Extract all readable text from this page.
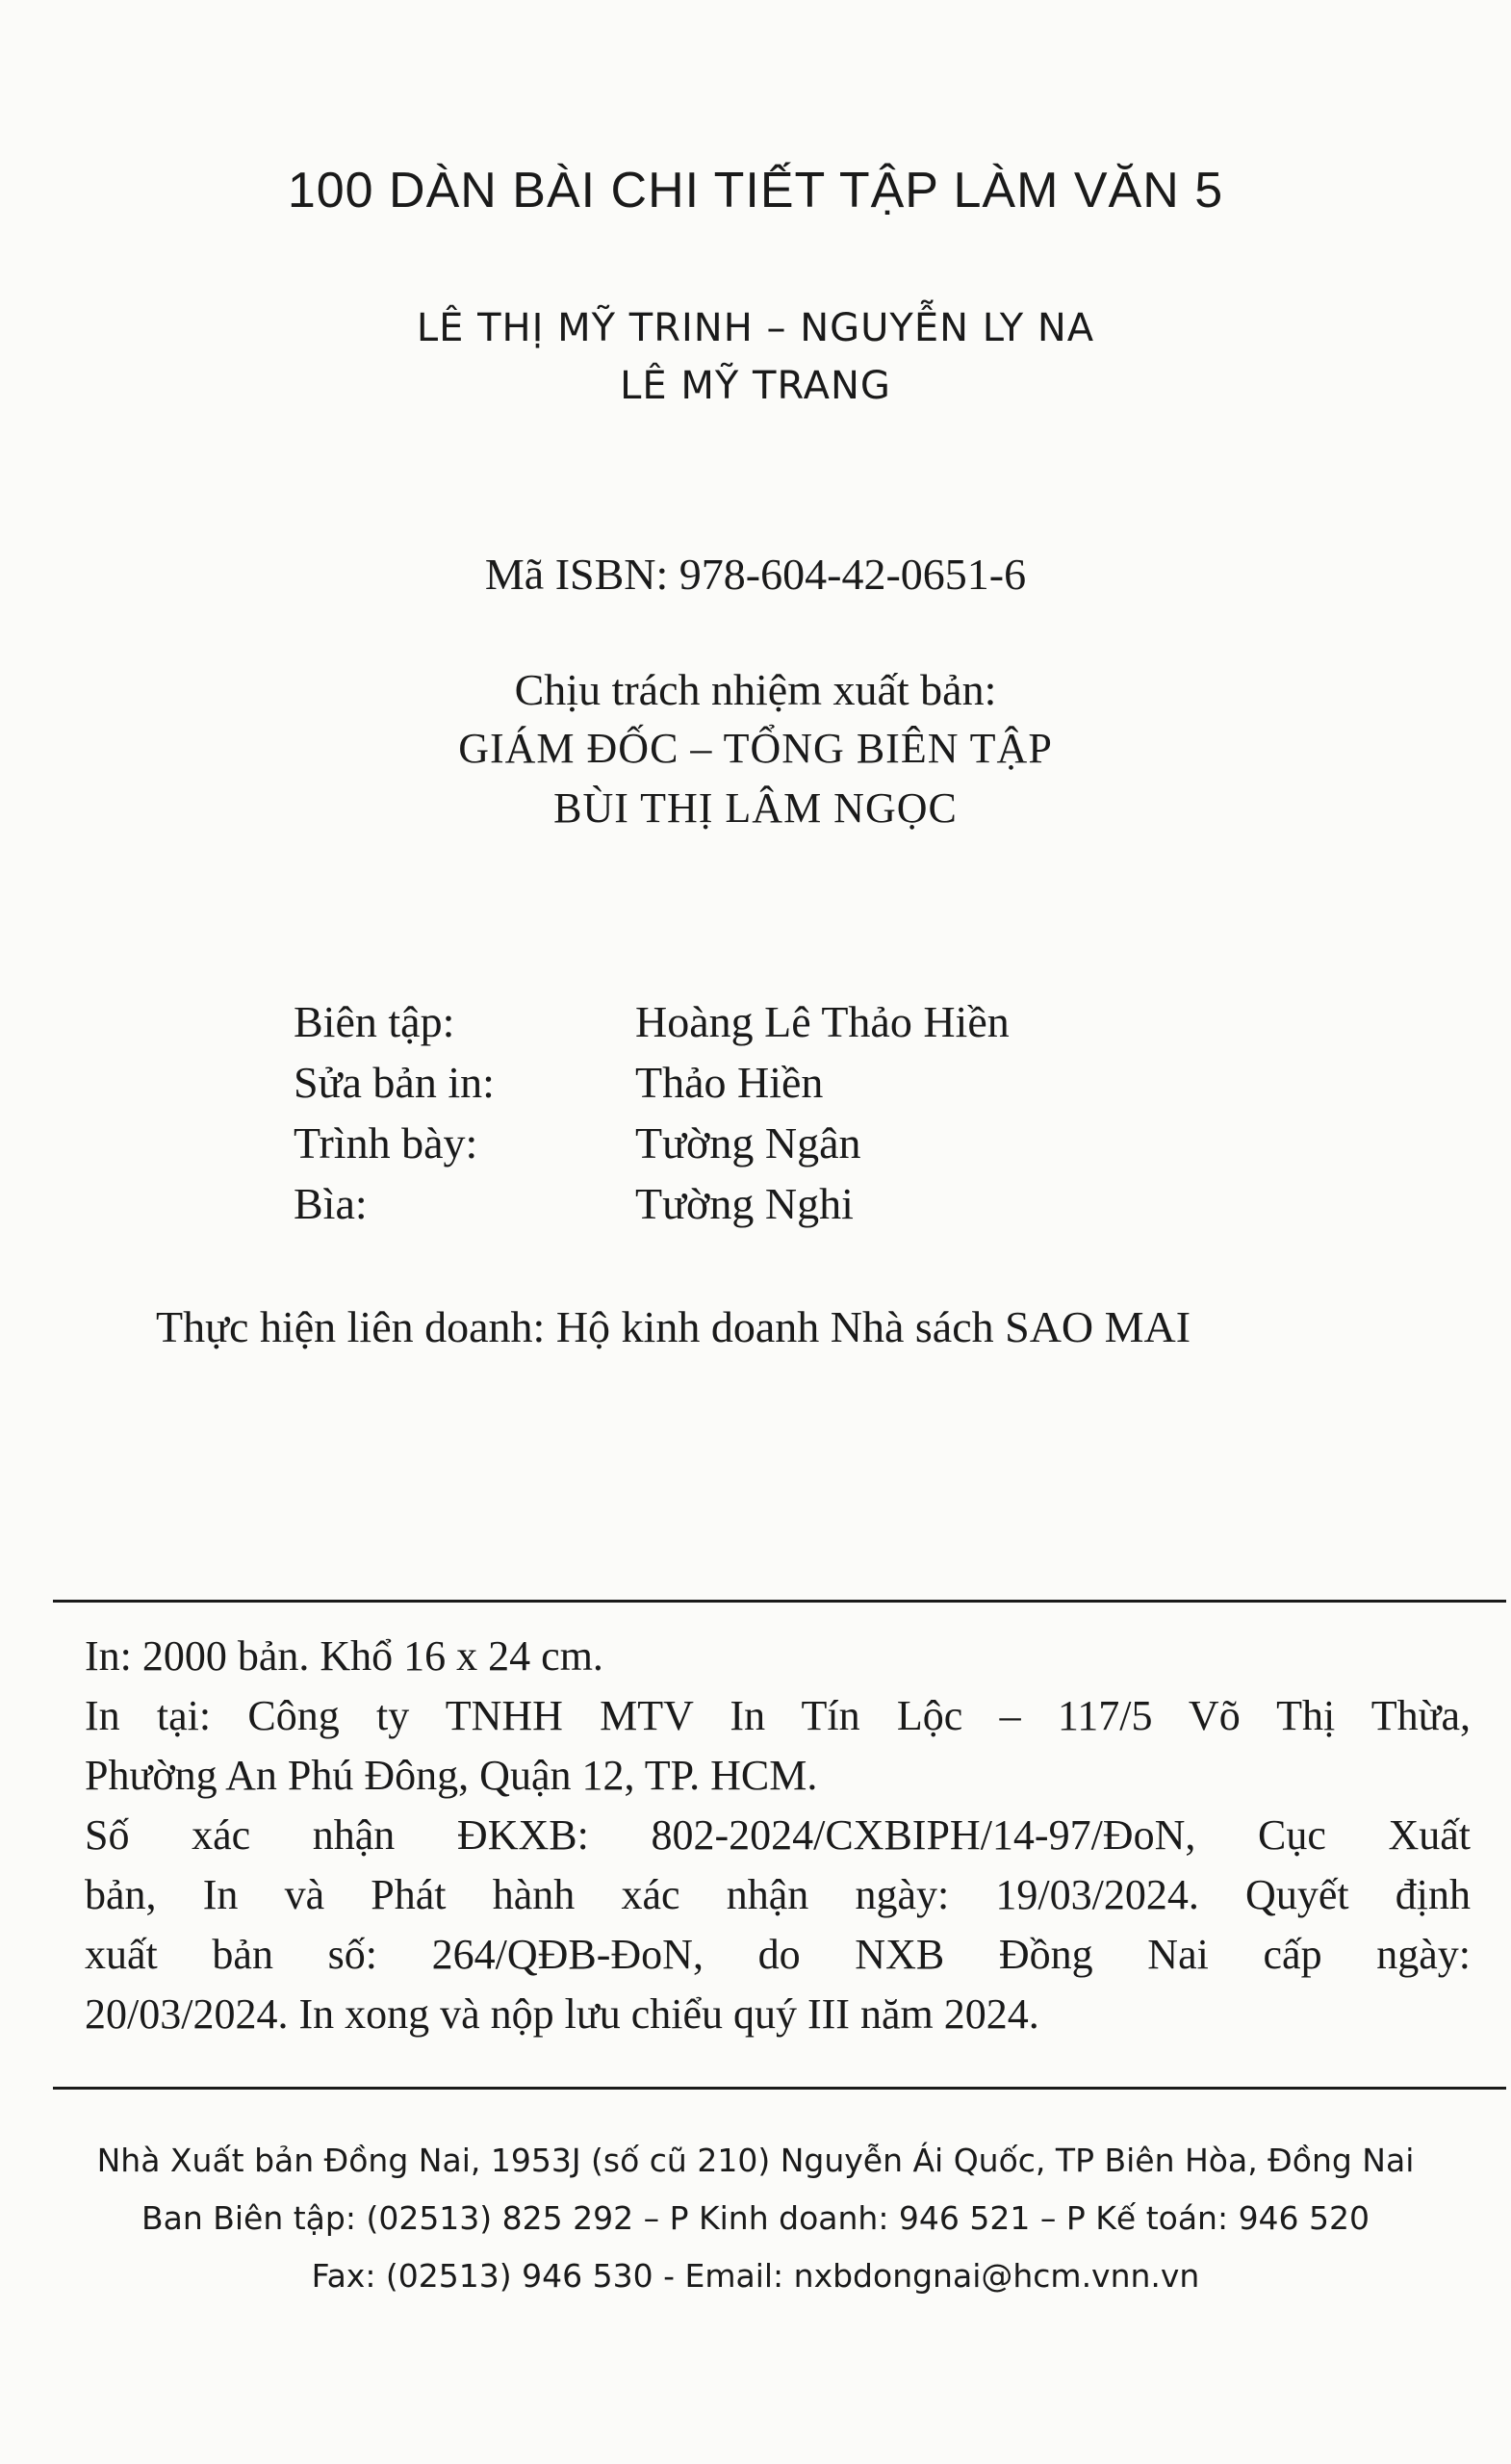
100 DÀN BÀI CHI TIẾT TẬP LÀM VĂN 5
LÊ THỊ MỸ TRINH – NGUYỄN LY NA
LÊ MỸ TRANG
Mã ISBN: 978-604-42-0651-6
Chịu trách nhiệm xuất bản:
GIÁM ĐỐC – TỔNG BIÊN TẬP
BÙI THỊ LÂM NGỌC
Biên tập:	Hoàng Lê Thảo Hiền
Sửa bản in:	Thảo Hiền
Trình bày:	Tường Ngân
Bìa:	Tường Nghi
Thực hiện liên doanh: Hộ kinh doanh Nhà sách SAO MAI
In: 2000 bản. Khổ 16 x 24 cm.
In tại: Công ty TNHH MTV In Tín Lộc – 117/5 Võ Thị Thừa,
Phường An Phú Đông, Quận 12, TP. HCM.
Số xác nhận ĐKXB: 802-2024/CXBIPH/14-97/ĐoN, Cục Xuất
bản, In và Phát hành xác nhận ngày: 19/03/2024. Quyết định
xuất bản số: 264/QĐB-ĐoN, do NXB Đồng Nai cấp ngày:
20/03/2024. In xong và nộp lưu chiểu quý III năm 2024.
Nhà Xuất bản Đồng Nai, 1953J (số cũ 210) Nguyễn Ái Quốc, TP Biên Hòa, Đồng Nai
Ban Biên tập: (02513) 825 292 – P Kinh doanh: 946 521 – P Kế toán: 946 520
Fax: (02513) 946 530 - Email: nxbdongnai@hcm.vnn.vn
